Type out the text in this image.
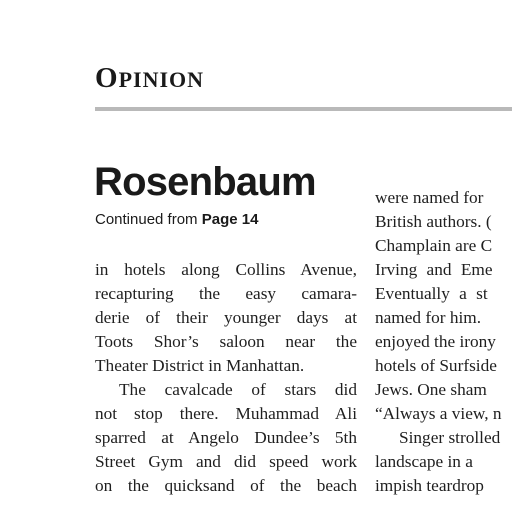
OPINION
Rosenbaum
Continued from Page 14
in hotels along Collins Avenue,
recapturing the easy camara-
derie of their younger days at
Toots Shor’s saloon near the
Theater District in Manhattan.
The cavalcade of stars did
not stop there. Muhammad Ali
sparred at Angelo Dundee’s 5th
Street Gym and did speed work
on the quicksand of the beach
were named for
British authors. (
Champlain are C
Irving and Eme
Eventually a st
named for him.
enjoyed the irony
hotels of Surfside
Jews. One sham
“Always a view, n
Singer strolled
landscape in a
impish teardrop
